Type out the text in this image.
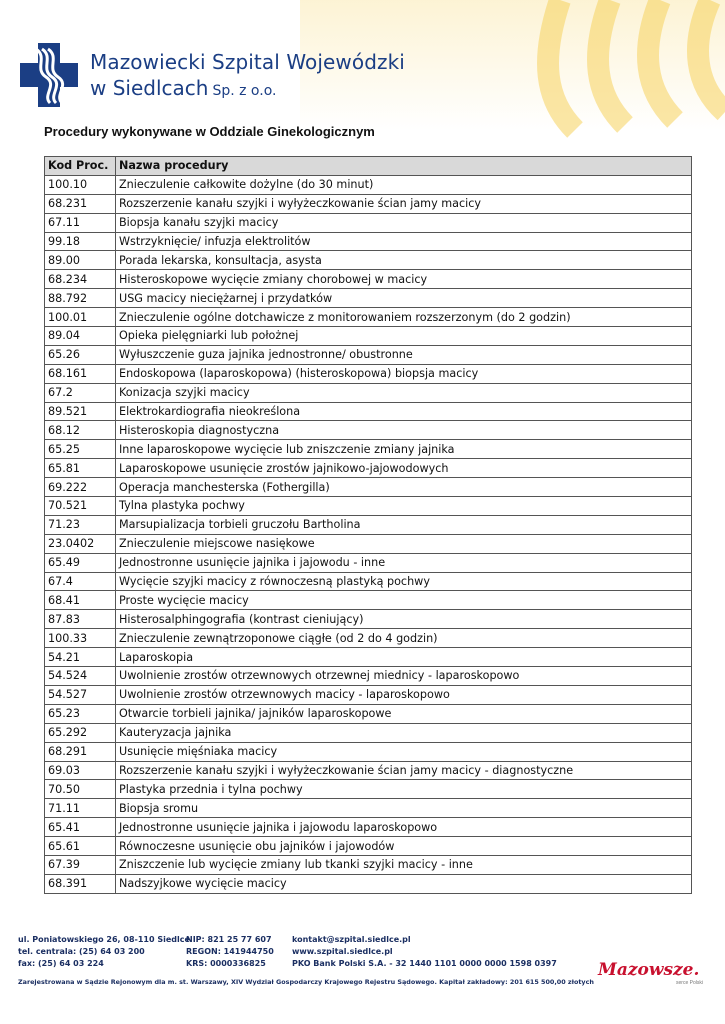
Mazowiecki Szpital Wojewódzki
w Siedlcach Sp. z o.o.
Procedury wykonywane w Oddziale Ginekologicznym
Kod Proc.	Nazwa procedury
100.10	Znieczulenie całkowite dożylne (do 30 minut)
68.231	Rozszerzenie kanału szyjki i wyłyżeczkowanie ścian jamy macicy
67.11	Biopsja kanału szyjki macicy
99.18	Wstrzyknięcie/ infuzja elektrolitów
89.00	Porada lekarska, konsultacja, asysta
68.234	Histeroskopowe wycięcie zmiany chorobowej w macicy
88.792	USG macicy nieciężarnej i przydatków
100.01	Znieczulenie ogólne dotchawicze z monitorowaniem rozszerzonym (do 2 godzin)
89.04	Opieka pielęgniarki lub położnej
65.26	Wyłuszczenie guza jajnika jednostronne/ obustronne
68.161	Endoskopowa (laparoskopowa) (histeroskopowa) biopsja macicy
67.2	Konizacja szyjki macicy
89.521	Elektrokardiografia nieokreślona
68.12	Histeroskopia diagnostyczna
65.25	Inne laparoskopowe wycięcie lub zniszczenie zmiany jajnika
65.81	Laparoskopowe usunięcie zrostów jajnikowo-jajowodowych
69.222	Operacja manchesterska (Fothergilla)
70.521	Tylna plastyka pochwy
71.23	Marsupializacja torbieli gruczołu Bartholina
23.0402	Znieczulenie miejscowe nasiękowe
65.49	Jednostronne usunięcie jajnika i jajowodu - inne
67.4	Wycięcie szyjki macicy z równoczesną plastyką pochwy
68.41	Proste wycięcie macicy
87.83	Histerosalphingografia (kontrast cieniujący)
100.33	Znieczulenie zewnątrzoponowe ciągłe (od 2 do 4 godzin)
54.21	Laparoskopia
54.524	Uwolnienie zrostów otrzewnowych otrzewnej miednicy - laparoskopowo
54.527	Uwolnienie zrostów otrzewnowych macicy - laparoskopowo
65.23	Otwarcie torbieli jajnika/ jajników laparoskopowe
65.292	Kauteryzacja jajnika
68.291	Usunięcie mięśniaka macicy
69.03	Rozszerzenie kanału szyjki i wyłyżeczkowanie ścian jamy macicy - diagnostyczne
70.50	Plastyka przednia i tylna pochwy
71.11	Biopsja sromu
65.41	Jednostronne usunięcie jajnika i jajowodu laparoskopowo
65.61	Równoczesne usunięcie obu jajników i jajowodów
67.39	Zniszczenie lub wycięcie zmiany lub tkanki szyjki macicy - inne
68.391	Nadszyjkowe wycięcie macicy
ul. Poniatowskiego 26, 08-110 Siedlce
tel. centrala: (25) 64 03 200
fax: (25) 64 03 224
NIP: 821 25 77 607
REGON: 141944750
KRS: 0000336825
kontakt@szpital.siedlce.pl
www.szpital.siedlce.pl
PKO Bank Polski S.A. - 32 1440 1101 0000 0000 1598 0397
Zarejestrowana w Sądzie Rejonowym dla m. st. Warszawy, XIV Wydział Gospodarczy Krajowego Rejestru Sądowego. Kapitał zakładowy: 201 615 500,00 złotych
Mazowsze.
serce Polski
